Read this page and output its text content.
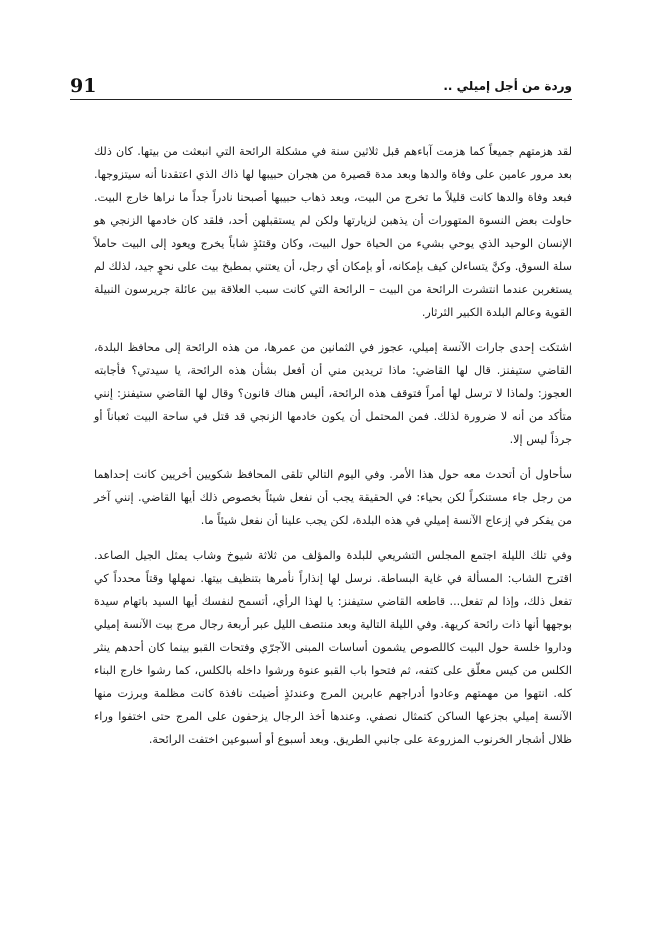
91	وردة من أجل إميلي ..

لقد هزمتهم جميعاً كما هزمت آباءهم قبل ثلاثين سنة في مشكلة الرائحة التي انبعثت من بيتها. كان ذلك بعد مرور عامين على وفاة والدها وبعد مدة قصيرة من هجران حبيبها لها ذاك الذي اعتقدنا أنه سيتزوجها. فبعد وفاة والدها كانت قليلاً ما تخرج من البيت، وبعد ذهاب حبيبها أصبحنا نادراً جداً ما نراها خارج البيت. حاولت بعض النسوة المتهورات أن يذهبن لزيارتها ولكن لم يستقبلهن أحد، فلقد كان خادمها الزنجي هو الإنسان الوحيد الذي يوحي بشيء من الحياة حول البيت، وكان وقتئذٍ شاباً يخرج ويعود إلى البيت حاملاً سلة السوق. وكنَّ يتساءلن كيف بإمكانه، أو بإمكان أي رجل، أن يعتني بمطبخ بيت على نحوٍ جيد، لذلك لم يستغربن عندما انتشرت الرائحة من البيت – الرائحة التي كانت سبب العلاقة بين عائلة جريرسون النبيلة القوية وعالم البلدة الكبير الثرثار.

اشتكت إحدى جارات الآنسة إميلي، عجوز في الثمانين من عمرها، من هذه الرائحة إلى محافظ البلدة، القاضي ستيفنز. قال لها القاضي: ماذا تريدين مني أن أفعل بشأن هذه الرائحة، يا سيدتي؟ فأجابته العجوز: ولماذا لا ترسل لها أمراً فتوقف هذه الرائحة، أليس هناك قانون؟ وقال لها القاضي ستيفنز: إنني متأكد من أنه لا ضرورة لذلك. فمن المحتمل أن يكون خادمها الزنجي قد قتل في ساحة البيت ثعباناً أو جرذاً ليس إلا.

سأحاول أن أتحدث معه حول هذا الأمر. وفي اليوم التالي تلقى المحافظ شكويين أخريين كانت إحداهما من رجل جاء مستنكراً لكن بحياء: في الحقيقة يجب أن نفعل شيئاً بخصوص ذلك أيها القاضي. إنني آخر من يفكر في إزعاج الآنسة إميلي في هذه البلدة، لكن يجب علينا أن نفعل شيئاً ما.

وفي تلك الليلة اجتمع المجلس التشريعي للبلدة والمؤلف من ثلاثة شيوخ وشاب يمثل الجيل الصاعد. اقترح الشاب: المسألة في غاية البساطة. نرسل لها إنذاراً نأمرها بتنظيف بيتها. نمهلها وقتاً محدداً كي تفعل ذلك، وإذا لم تفعل... قاطعه القاضي ستيفنز: يا لهذا الرأي، أتسمح لنفسك أيها السيد باتهام سيدة بوجهها أنها ذات رائحة كريهة. وفي الليلة التالية وبعد منتصف الليل عبر أربعة رجال مرج بيت الآنسة إميلي وداروا خلسة حول البيت كاللصوص يشمون أساسات المبنى الآجرّي وفتحات القبو بينما كان أحدهم ينثر الكلس من كيس معلّق على كتفه، ثم فتحوا باب القبو عنوة ورشوا داخله بالكلس، كما رشوا خارج البناء كله. انتهوا من مهمتهم وعادوا أدراجهم عابرين المرج وعندئذٍ أضيئت نافذة كانت مظلمة وبرزت منها الآنسة إميلي بجزعها الساكن كتمثال نصفي. وعندها أخذ الرجال يزحفون على المرج حتى اختفوا وراء ظلال أشجار الخرنوب المزروعة على جانبي الطريق. وبعد أسبوع أو أسبوعين اختفت الرائحة.
